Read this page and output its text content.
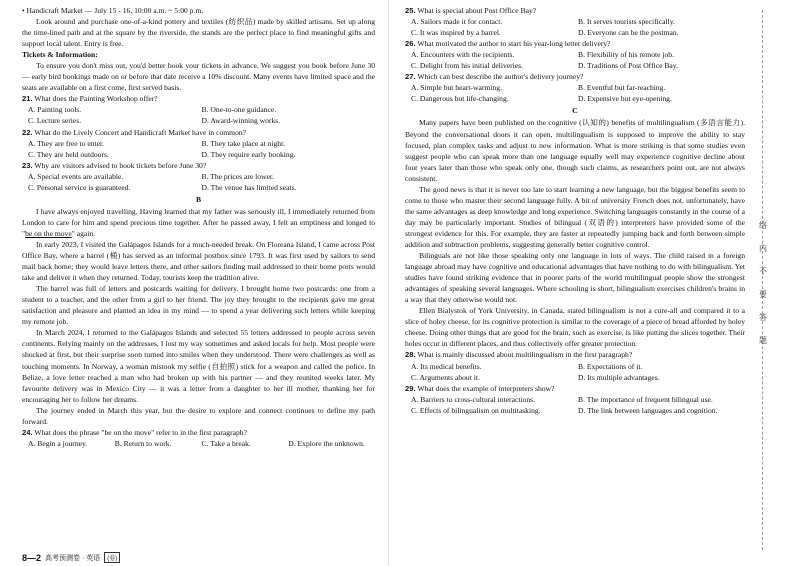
• Handicraft Market — July 15 - 16, 10:00 a.m. ~ 5:00 p.m.

Look around and purchase one-of-a-kind pottery and textiles (纺织品) made by skilled artisans. Set up along the time-lined path and at the square by the riverside, the stands are the perfect place to find meaningful gifts and support local talent. Entry is free.

Tickets & Information:

To ensure you don't miss out, you'd better book your tickets in advance. We suggest you book before June 30 — early bird bookings made on or before that date receive a 10% discount. Many events have limited space and the seats are available on a first come, first served basis.

21. What does the Painting Workshop offer?

A. Painting tools.	B. One-to-one guidance.
C. Lecture series.	D. Award-winning works.

22. What do the Lively Concert and Handicraft Market have in common?

A. They are free to enter.	B. They take place at night.
C. They are held outdoors.	D. They require early booking.

23. Why are visitors advised to book tickets before June 30?

A. Special events are available.	B. The prices are lower.
C. Personal service is guaranteed.	D. The venue has limited seats.

B

I have always enjoyed travelling. Having learned that my father was seriously ill, I immediately returned from London to care for him and spend precious time together. After he passed away, I felt an emptiness and longed to "be on the move" again.

In early 2023, I visited the Galápagos Islands for a much-needed break. On Floreana Island, I came across Post Office Bay, where a barrel (桶) has served as an informal postbox since 1793. It was first used by sailors to send mail back home; they would leave letters there, and other sailors finding mail addressed to their home ports would take and deliver it when they returned. Today, tourists keep the tradition alive.

The barrel was full of letters and postcards waiting for delivery. I brought home two postcards: one from a student to a teacher, and the other from a girl to her friend. The joy they brought to the recipients gave me great satisfaction and pleasure and planted an idea in my mind — to spend a year delivering such letters while keeping my remote job.

In March 2024, I returned to the Galápagos Islands and selected 55 letters addressed to people across seven continents. Relying mainly on the addresses, I lost my way sometimes and asked locals for help. Most people were shocked at first, but their surprise soon turned into smiles when they understood. There were challenges as well as touching moments. In Norway, a woman mistook my selfie (自拍照) stick for a weapon and called the police. In Belize, a love letter reached a man who had broken up with his partner — and they reunited weeks later. My favourite delivery was in Mexico City — it was a letter from a daughter to her ill mother, thanking her for encouraging her to follow her dreams.

The journey ended in March this year, but the desire to explore and connect continues to define my path forward.

24. What does the phrase "be on the move" refer to in the first paragraph?

A. Begin a journey.	B. Return to work.	C. Take a break.	D. Explore the unknown.

25. What is special about Post Office Bay?

A. Sailors made it for contact.	B. It serves tourists specifically.
C. It was inspired by a barrel.	D. Everyone can be the postman.

26. What motivated the author to start his year-long letter delivery?

A. Encounters with the recipients.	B. Flexibility of his remote job.
C. Delight from his initial deliveries.	D. Traditions of Post Office Bay.

27. Which can best describe the author's delivery journey?

A. Simple but heart-warming.	B. Eventful but far-reaching.
C. Dangerous but life-changing.	D. Expensive but eye-opening.

C

Many papers have been published on the cognitive (认知的) benefits of multilingualism (多语言能力). Beyond the conversational doors it can open, multilingualism is supposed to improve the ability to stay focused, plan complex tasks and adjust to new information. What is more striking is that some studies even suggest people who can speak more than one language equally well may experience cognitive decline about four years later than those who speak only one, though such claims, as researchers point out, are not always consistent.

The good news is that it is never too late to start learning a new language, but the biggest benefits seem to come to those who master their second language fully. A bit of university French does not, unfortunately, have the same advantages as deep knowledge and long experience. Switching languages constantly in the course of a day may be particularly important. Studies of bilingual (双语的) interpreters have provided some of the strongest evidence for this. For example, they are faster at repeatedly jumping back and forth between simple addition and subtraction problems, suggesting generally better cognitive control.

Bilinguals are not like those speaking only one language in lots of ways. The child raised in a foreign language abroad may have cognitive and educational advantages that have nothing to do with bilingualism. Yet studies have found striking evidence that in poorer parts of the world multilingual people show the strongest advantages of speaking several languages. Where schooling is short, bilingualism exercises children's brains in a way that they otherwise would not.

Ellen Bialystok of York University, in Canada, stated bilingualism is not a cure-all and compared it to a slice of holey cheese, for its cognitive protection is similar to the coverage of a piece of bread afforded by holey cheese. Doing other things that are good for the brain, such as exercise, is like putting the slices together. Their holes occur in different places, and thus collectively offer greater protection.

28. What is mainly discussed about multilingualism in the first paragraph?

A. Its medical benefits.	B. Expectations of it.
C. Arguments about it.	D. Its multiple advantages.

29. What does the example of interpreters show?

A. Barriers to cross-cultural interactions.	B. The importance of frequent bilingual use.
C. Effects of bilingualism on multitasking.	D. The link between languages and cognition.
络
内
不
要
答
题
8—2 高考预测卷 · 英语	(卷)
